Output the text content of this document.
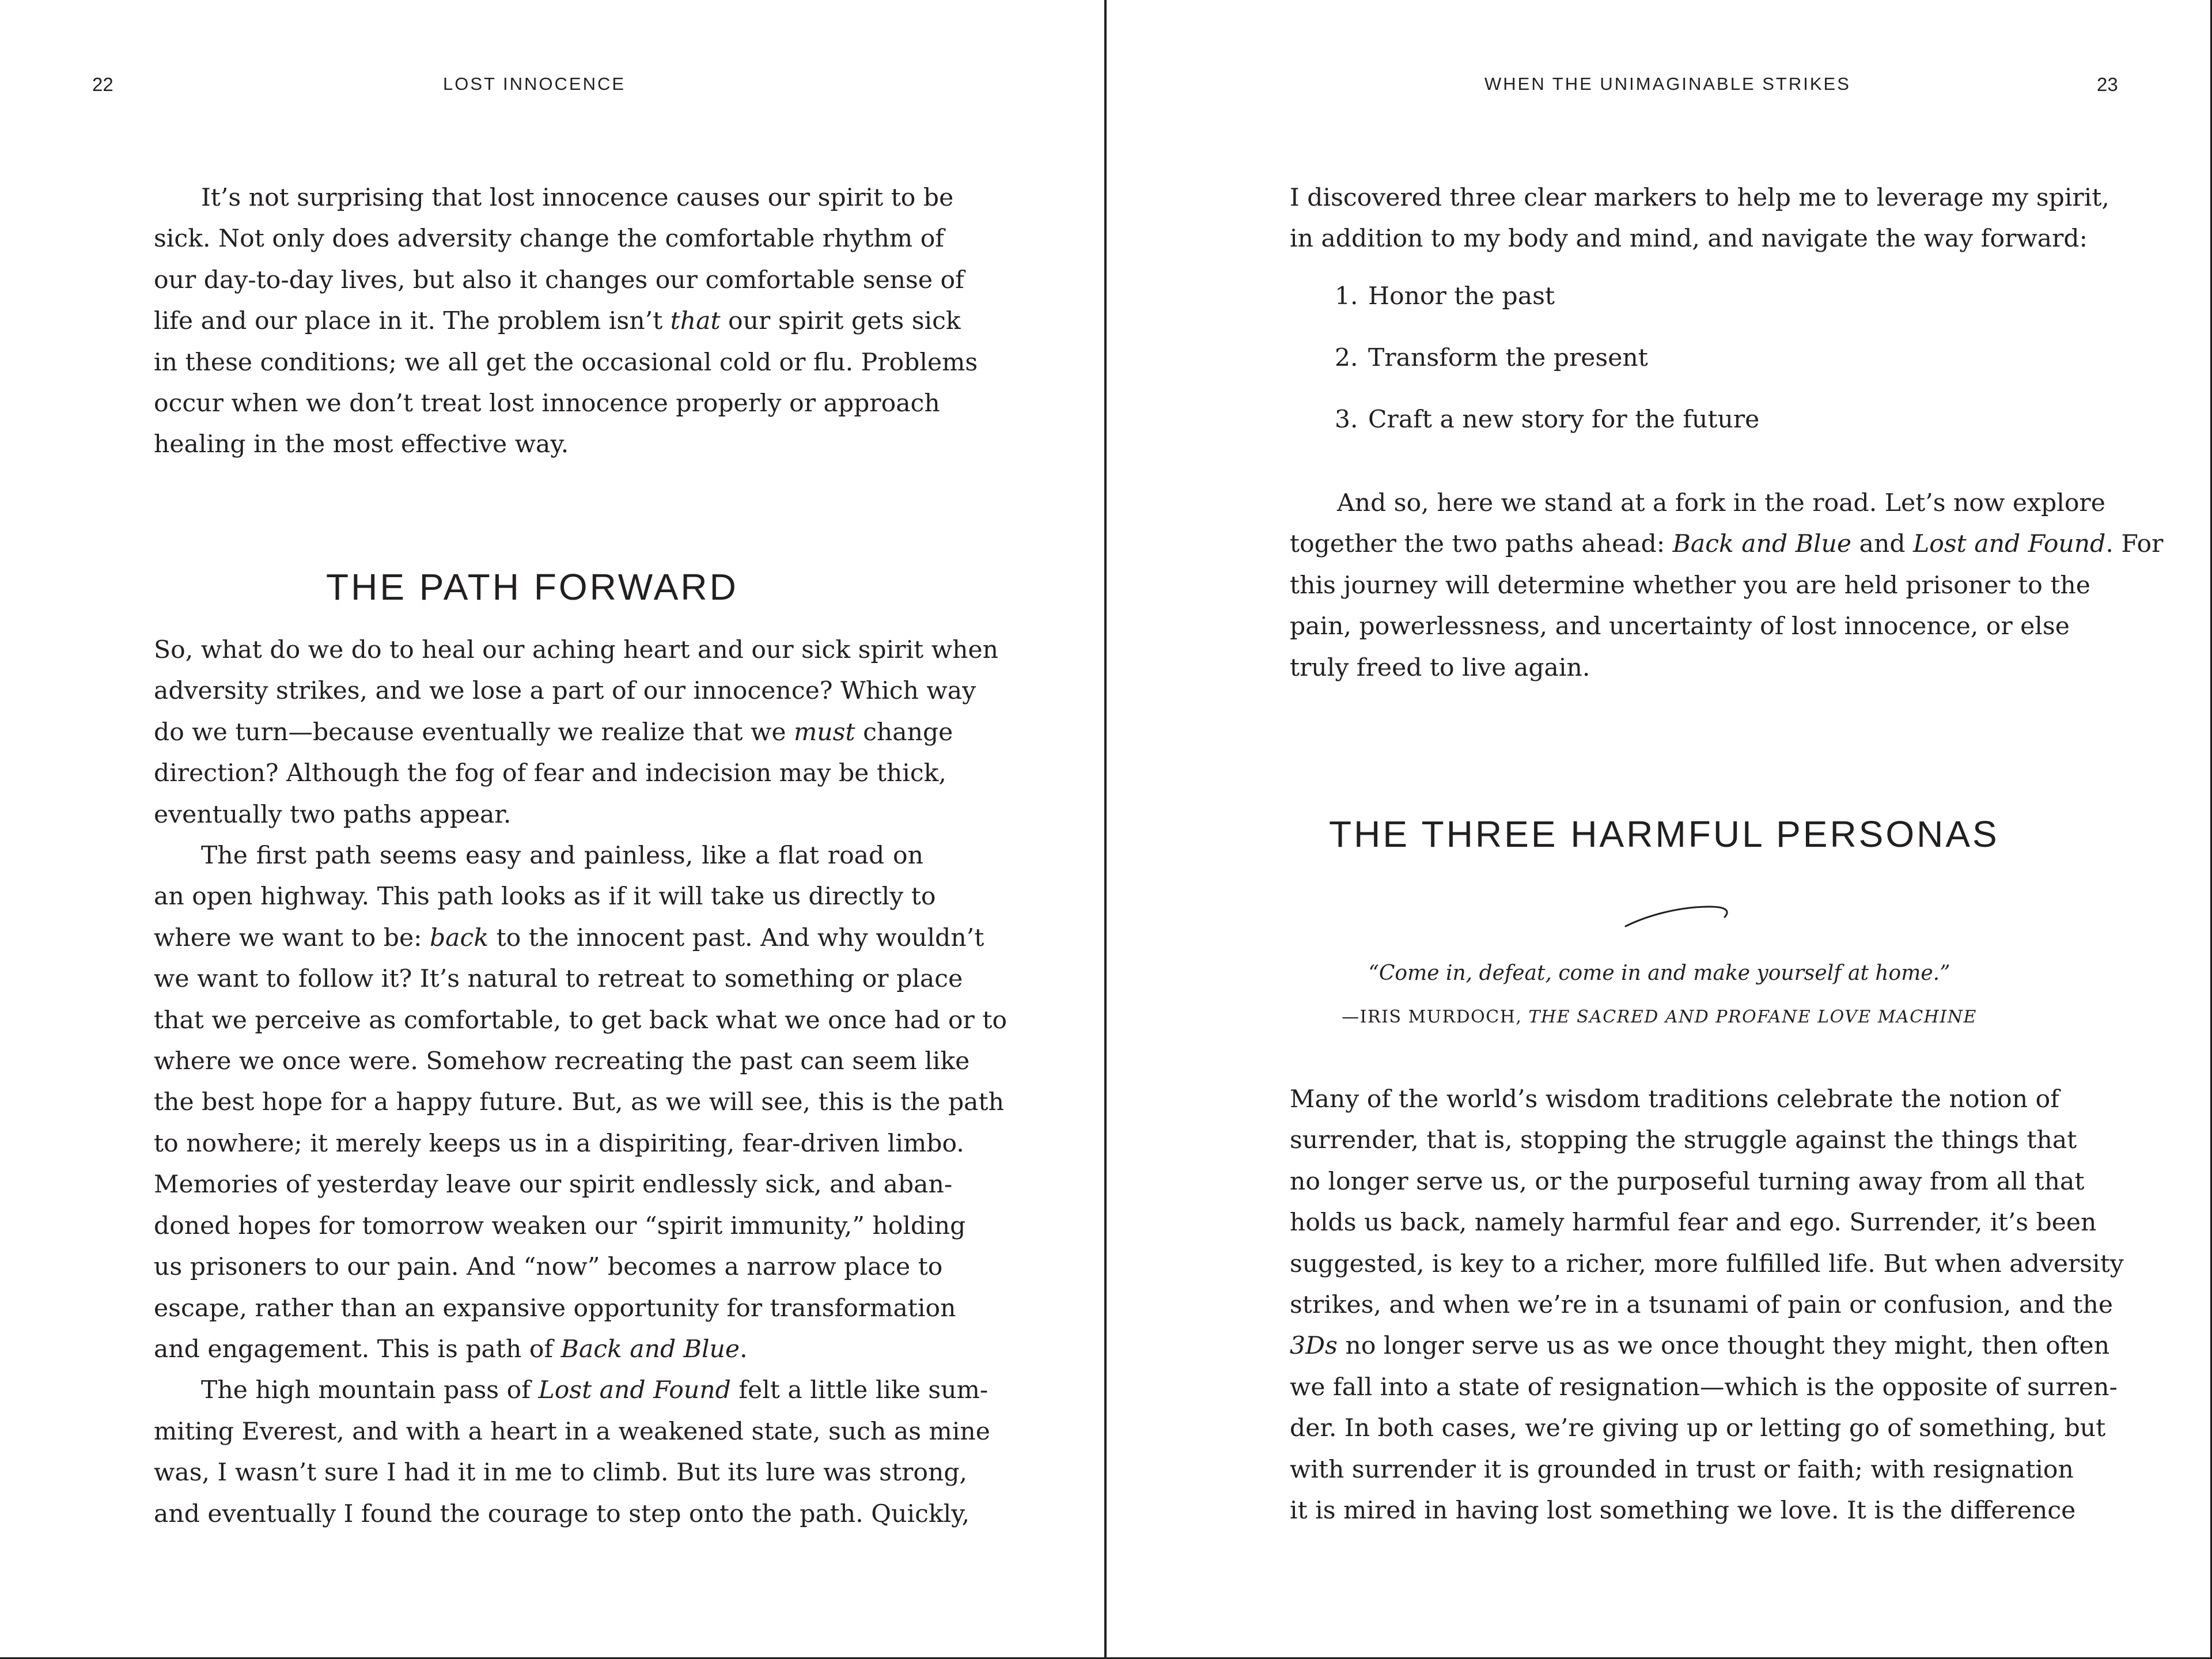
22	LOST INNOCENCE

It’s not surprising that lost innocence causes our spirit to be
sick. Not only does adversity change the comfortable rhythm of
our day-to-day lives, but also it changes our comfortable sense of
life and our place in it. The problem isn’t that our spirit gets sick
in these conditions; we all get the occasional cold or flu. Problems
occur when we don’t treat lost innocence properly or approach
healing in the most effective way.

THE PATH FORWARD

So, what do we do to heal our aching heart and our sick spirit when
adversity strikes, and we lose a part of our innocence? Which way
do we turn—because eventually we realize that we must change
direction? Although the fog of fear and indecision may be thick,
eventually two paths appear.

The first path seems easy and painless, like a flat road on
an open highway. This path looks as if it will take us directly to
where we want to be: back to the innocent past. And why wouldn’t
we want to follow it? It’s natural to retreat to something or place
that we perceive as comfortable, to get back what we once had or to
where we once were. Somehow recreating the past can seem like
the best hope for a happy future. But, as we will see, this is the path
to nowhere; it merely keeps us in a dispiriting, fear-driven limbo.
Memories of yesterday leave our spirit endlessly sick, and aban-
doned hopes for tomorrow weaken our “spirit immunity,” holding
us prisoners to our pain. And “now” becomes a narrow place to
escape, rather than an expansive opportunity for transformation
and engagement. This is path of Back and Blue.

The high mountain pass of Lost and Found felt a little like sum-
miting Everest, and with a heart in a weakened state, such as mine
was, I wasn’t sure I had it in me to climb. But its lure was strong,
and eventually I found the courage to step onto the path. Quickly,

WHEN THE UNIMAGINABLE STRIKES	23

I discovered three clear markers to help me to leverage my spirit,
in addition to my body and mind, and navigate the way forward:

1. Honor the past
2. Transform the present
3. Craft a new story for the future

And so, here we stand at a fork in the road. Let’s now explore
together the two paths ahead: Back and Blue and Lost and Found. For
this journey will determine whether you are held prisoner to the
pain, powerlessness, and uncertainty of lost innocence, or else
truly freed to live again.

THE THREE HARMFUL PERSONAS
“Come in, defeat, come in and make yourself at home.”
—IRIS MURDOCH, THE SACRED AND PROFANE LOVE MACHINE

Many of the world’s wisdom traditions celebrate the notion of
surrender, that is, stopping the struggle against the things that
no longer serve us, or the purposeful turning away from all that
holds us back, namely harmful fear and ego. Surrender, it’s been
suggested, is key to a richer, more fulfilled life. But when adversity
strikes, and when we’re in a tsunami of pain or confusion, and the
3Ds no longer serve us as we once thought they might, then often
we fall into a state of resignation—which is the opposite of surren-
der. In both cases, we’re giving up or letting go of something, but
with surrender it is grounded in trust or faith; with resignation
it is mired in having lost something we love. It is the difference
